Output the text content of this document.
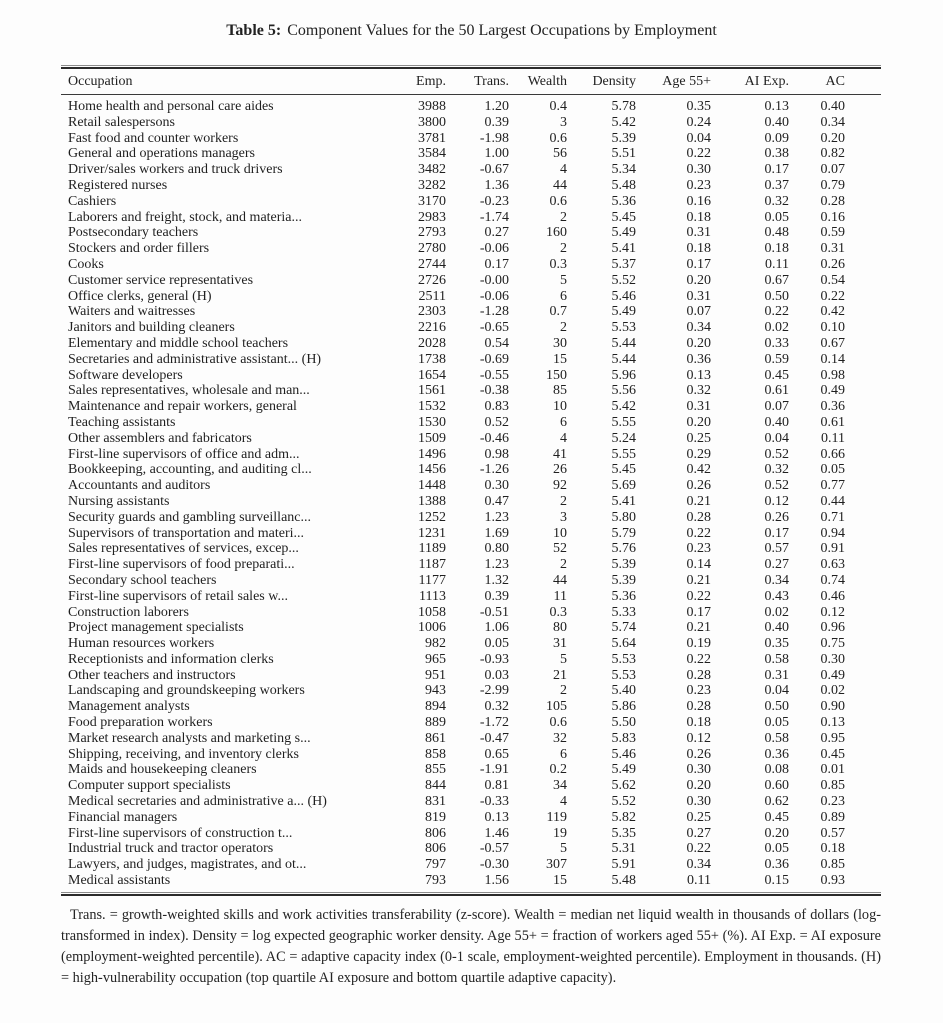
Table 5: Component Values for the 50 Largest Occupations by Employment
Occupation	Emp.	Trans.	Wealth	Density	Age 55+	AI Exp.	AC
Home health and personal care aides	3988	1.20	0.4	5.78	0.35	0.13	0.40
Retail salespersons	3800	0.39	3	5.42	0.24	0.40	0.34
Fast food and counter workers	3781	-1.98	0.6	5.39	0.04	0.09	0.20
General and operations managers	3584	1.00	56	5.51	0.22	0.38	0.82
Driver/sales workers and truck drivers	3482	-0.67	4	5.34	0.30	0.17	0.07
Registered nurses	3282	1.36	44	5.48	0.23	0.37	0.79
Cashiers	3170	-0.23	0.6	5.36	0.16	0.32	0.28
Laborers and freight, stock, and materia...	2983	-1.74	2	5.45	0.18	0.05	0.16
Postsecondary teachers	2793	0.27	160	5.49	0.31	0.48	0.59
Stockers and order fillers	2780	-0.06	2	5.41	0.18	0.18	0.31
Cooks	2744	0.17	0.3	5.37	0.17	0.11	0.26
Customer service representatives	2726	-0.00	5	5.52	0.20	0.67	0.54
Office clerks, general (H)	2511	-0.06	6	5.46	0.31	0.50	0.22
Waiters and waitresses	2303	-1.28	0.7	5.49	0.07	0.22	0.42
Janitors and building cleaners	2216	-0.65	2	5.53	0.34	0.02	0.10
Elementary and middle school teachers	2028	0.54	30	5.44	0.20	0.33	0.67
Secretaries and administrative assistant... (H)	1738	-0.69	15	5.44	0.36	0.59	0.14
Software developers	1654	-0.55	150	5.96	0.13	0.45	0.98
Sales representatives, wholesale and man...	1561	-0.38	85	5.56	0.32	0.61	0.49
Maintenance and repair workers, general	1532	0.83	10	5.42	0.31	0.07	0.36
Teaching assistants	1530	0.52	6	5.55	0.20	0.40	0.61
Other assemblers and fabricators	1509	-0.46	4	5.24	0.25	0.04	0.11
First-line supervisors of office and adm...	1496	0.98	41	5.55	0.29	0.52	0.66
Bookkeeping, accounting, and auditing cl...	1456	-1.26	26	5.45	0.42	0.32	0.05
Accountants and auditors	1448	0.30	92	5.69	0.26	0.52	0.77
Nursing assistants	1388	0.47	2	5.41	0.21	0.12	0.44
Security guards and gambling surveillanc...	1252	1.23	3	5.80	0.28	0.26	0.71
Supervisors of transportation and materi...	1231	1.69	10	5.79	0.22	0.17	0.94
Sales representatives of services, excep...	1189	0.80	52	5.76	0.23	0.57	0.91
First-line supervisors of food preparati...	1187	1.23	2	5.39	0.14	0.27	0.63
Secondary school teachers	1177	1.32	44	5.39	0.21	0.34	0.74
First-line supervisors of retail sales w...	1113	0.39	11	5.36	0.22	0.43	0.46
Construction laborers	1058	-0.51	0.3	5.33	0.17	0.02	0.12
Project management specialists	1006	1.06	80	5.74	0.21	0.40	0.96
Human resources workers	982	0.05	31	5.64	0.19	0.35	0.75
Receptionists and information clerks	965	-0.93	5	5.53	0.22	0.58	0.30
Other teachers and instructors	951	0.03	21	5.53	0.28	0.31	0.49
Landscaping and groundskeeping workers	943	-2.99	2	5.40	0.23	0.04	0.02
Management analysts	894	0.32	105	5.86	0.28	0.50	0.90
Food preparation workers	889	-1.72	0.6	5.50	0.18	0.05	0.13
Market research analysts and marketing s...	861	-0.47	32	5.83	0.12	0.58	0.95
Shipping, receiving, and inventory clerks	858	0.65	6	5.46	0.26	0.36	0.45
Maids and housekeeping cleaners	855	-1.91	0.2	5.49	0.30	0.08	0.01
Computer support specialists	844	0.81	34	5.62	0.20	0.60	0.85
Medical secretaries and administrative a... (H)	831	-0.33	4	5.52	0.30	0.62	0.23
Financial managers	819	0.13	119	5.82	0.25	0.45	0.89
First-line supervisors of construction t...	806	1.46	19	5.35	0.27	0.20	0.57
Industrial truck and tractor operators	806	-0.57	5	5.31	0.22	0.05	0.18
Lawyers, and judges, magistrates, and ot...	797	-0.30	307	5.91	0.34	0.36	0.85
Medical assistants	793	1.56	15	5.48	0.11	0.15	0.93

Trans. = growth-weighted skills and work activities transferability (z-score). Wealth = median net liquid wealth in thousands of dollars (log-transformed in index). Density = log expected geographic worker density. Age 55+ = fraction of workers aged 55+ (%). AI Exp. = AI exposure (employment-weighted percentile). AC = adaptive capacity index (0-1 scale, employment-weighted percentile). Employment in thousands. (H) = high-vulnerability occupation (top quartile AI exposure and bottom quartile adaptive capacity).
